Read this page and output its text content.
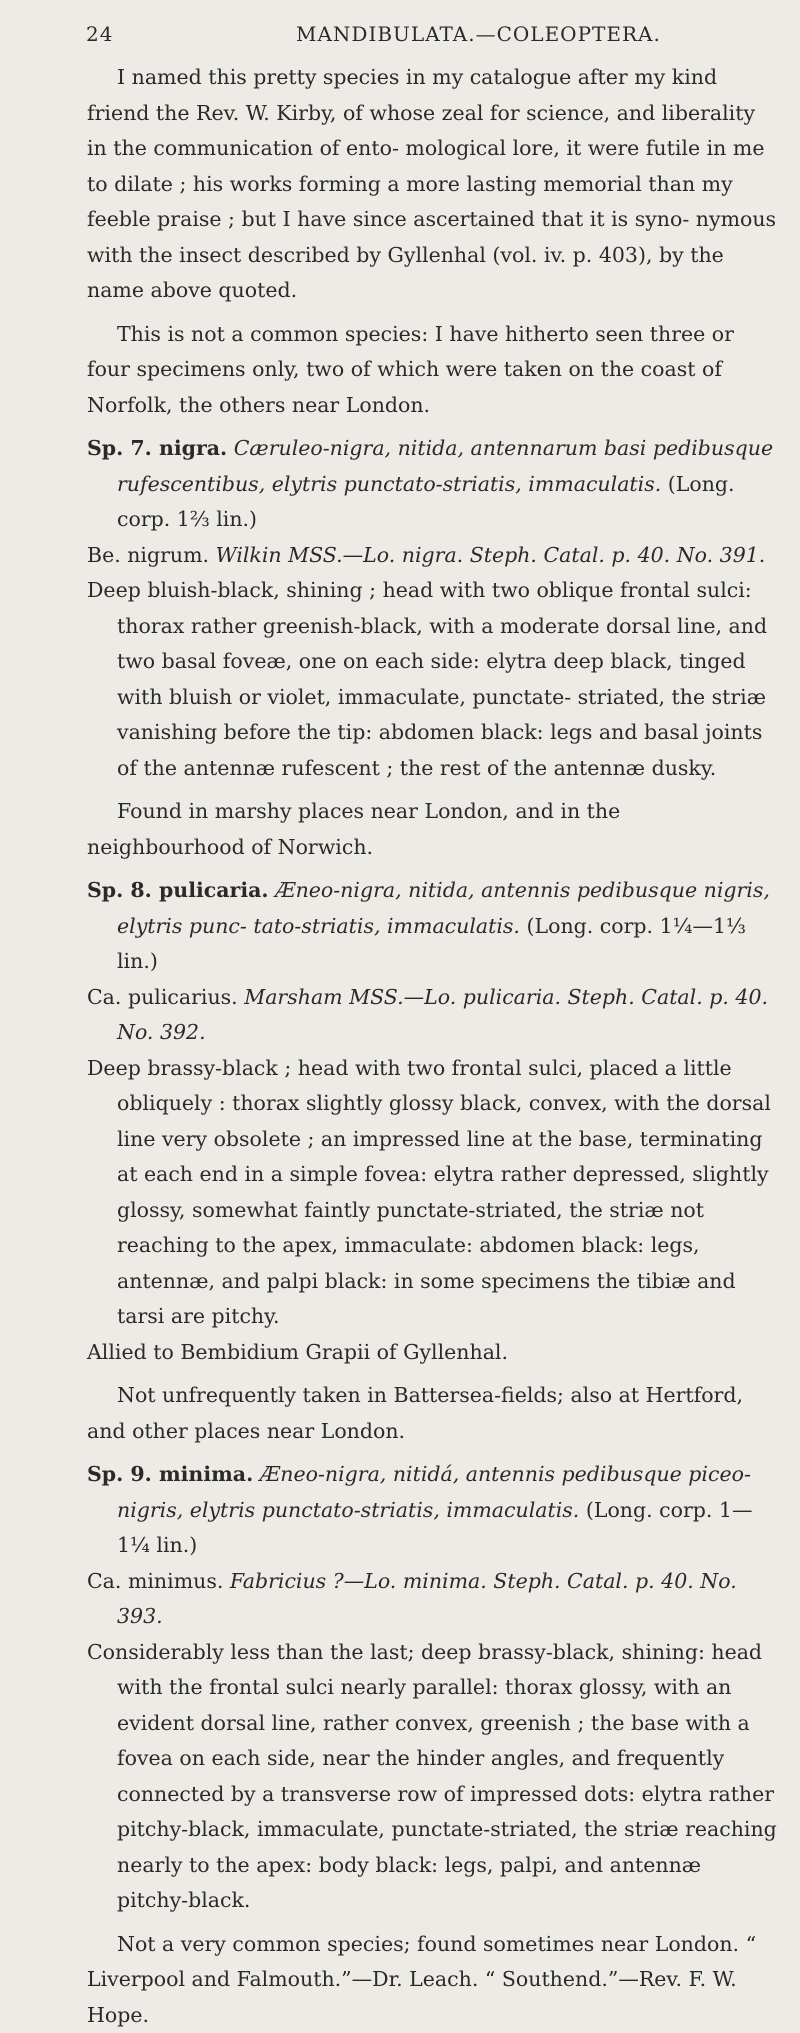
24	MANDIBULATA.—COLEOPTERA.

I named this pretty species in my catalogue after my kind friend the Rev. W. Kirby, of whose zeal for science, and liberality in the communication of ento- mological lore, it were futile in me to dilate ; his works forming a more lasting memorial than my feeble praise ; but I have since ascertained that it is syno- nymous with the insect described by Gyllenhal (vol. iv. p. 403), by the name above quoted.

This is not a common species: I have hitherto seen three or four specimens only, two of which were taken on the coast of Norfolk, the others near London.

Sp. 7. nigra. Cæruleo-nigra, nitida, antennarum basi pedibusque rufescentibus, elytris punctato-striatis, immaculatis. (Long. corp. 1⅔ lin.)

Be. nigrum. Wilkin MSS.—Lo. nigra. Steph. Catal. p. 40. No. 391.

Deep bluish-black, shining ; head with two oblique frontal sulci: thorax rather greenish-black, with a moderate dorsal line, and two basal foveæ, one on each side: elytra deep black, tinged with bluish or violet, immaculate, punctate- striated, the striæ vanishing before the tip: abdomen black: legs and basal joints of the antennæ rufescent ; the rest of the antennæ dusky.

Found in marshy places near London, and in the neighbourhood of Norwich.

Sp. 8. pulicaria. Æneo-nigra, nitida, antennis pedibusque nigris, elytris punc- tato-striatis, immaculatis. (Long. corp. 1¼—1⅓ lin.)

Ca. pulicarius. Marsham MSS.—Lo. pulicaria. Steph. Catal. p. 40. No. 392.

Deep brassy-black ; head with two frontal sulci, placed a little obliquely : thorax slightly glossy black, convex, with the dorsal line very obsolete ; an impressed line at the base, terminating at each end in a simple fovea: elytra rather depressed, slightly glossy, somewhat faintly punctate-striated, the striæ not reaching to the apex, immaculate: abdomen black: legs, antennæ, and palpi black: in some specimens the tibiæ and tarsi are pitchy.

Allied to Bembidium Grapii of Gyllenhal.

Not unfrequently taken in Battersea-fields; also at Hertford, and other places near London.

Sp. 9. minima. Æneo-nigra, nitidá, antennis pedibusque piceo-nigris, elytris punctato-striatis, immaculatis. (Long. corp. 1—1¼ lin.)

Ca. minimus. Fabricius ?—Lo. minima. Steph. Catal. p. 40. No. 393.

Considerably less than the last; deep brassy-black, shining: head with the frontal sulci nearly parallel: thorax glossy, with an evident dorsal line, rather convex, greenish ; the base with a fovea on each side, near the hinder angles, and frequently connected by a transverse row of impressed dots: elytra rather pitchy-black, immaculate, punctate-striated, the striæ reaching nearly to the apex: body black: legs, palpi, and antennæ pitchy-black.

Not a very common species; found sometimes near London. “ Liverpool and Falmouth.”—Dr. Leach. “ Southend.”—Rev. F. W. Hope.
